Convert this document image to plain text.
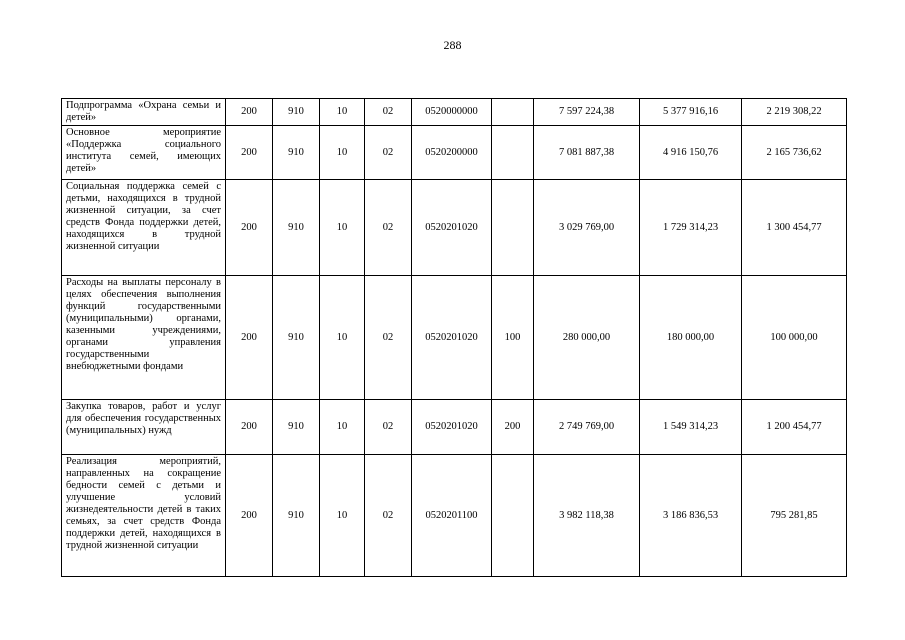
288
Подпрограмма «Охрана семьи и детей»	200	910	10	02	0520000000		7 597 224,38	5 377 916,16	2 219 308,22
Основное мероприятие «Поддержка социального института семей, имеющих детей»	200	910	10	02	0520200000		7 081 887,38	4 916 150,76	2 165 736,62
Социальная поддержка семей с детьми, находящихся в трудной жизненной ситуации, за счет средств Фонда поддержки детей, находящихся в трудной жизненной ситуации	200	910	10	02	0520201020		3 029 769,00	1 729 314,23	1 300 454,77
Расходы на выплаты персоналу в целях обеспечения выполнения функций государственными (муниципальными) органами, казенными учреждениями, органами управления государственными внебюджетными фондами	200	910	10	02	0520201020	100	280 000,00	180 000,00	100 000,00
Закупка товаров, работ и услуг для обеспечения государственных (муниципальных) нужд	200	910	10	02	0520201020	200	2 749 769,00	1 549 314,23	1 200 454,77
Реализация мероприятий, направленных на сокращение бедности семей с детьми и улучшение условий жизнедеятельности детей в таких семьях, за счет средств Фонда поддержки детей, находящихся в трудной жизненной ситуации	200	910	10	02	0520201100		3 982 118,38	3 186 836,53	795 281,85
